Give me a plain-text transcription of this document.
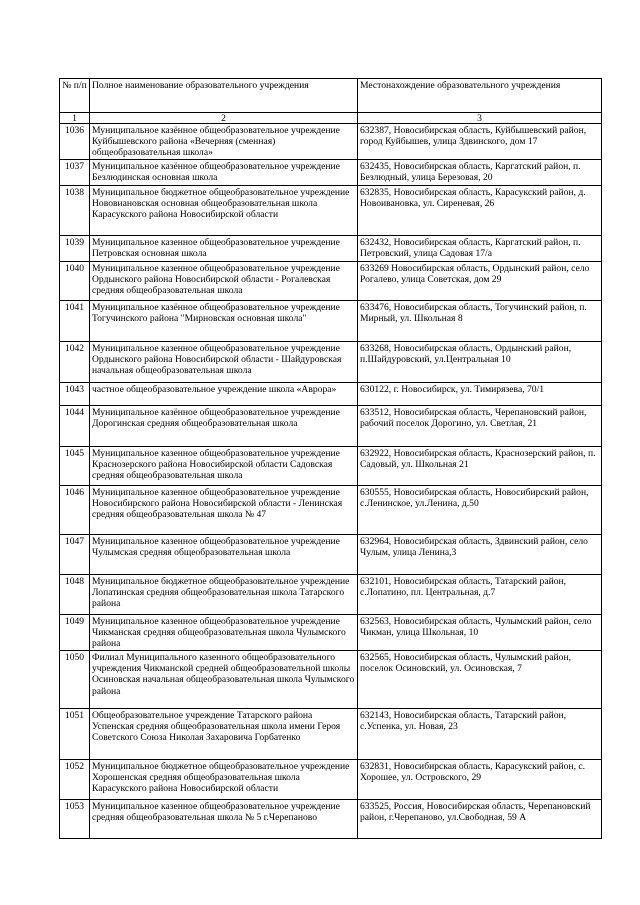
№ п/п	Полное наименование образовательного учреждения	Местонахождение образовательного учреждения
1	2	3
1036	Муниципальное казённое общеобразовательное учреждение Куйбышевского района «Вечерняя (сменная) общеобразовательная школа»	632387, Новосибирская область, Куйбышевский район, город Куйбышев, улица Здвинского, дом 17
1037	Муниципальное казённое общеобразовательное учреждение Безлюдинская основная школа	632435, Новосибирская область, Каргатский район, п. Безлюдный, улица Березовая, 20
1038	Муниципальное бюджетное общеобразовательное учреждение Нововиановская основная общеобразовательная школа Карасукского района Новосибирской области	632835, Новосибирская область, Карасукский район, д. Новоивановка, ул. Сиреневая, 26
1039	Муниципальное казенное общеобразовательное учреждение Петровская основная школа	632432, Новосибирская область, Каргатский район, п. Петровский, улица Садовая 17/а
1040	Муниципальное казенное общеобразовательное учреждение Ордынского района Новосибирской области - Рогалевская средняя общеобразовательная школа	633269 Новосибирская область, Ордынский район, село Рогалево, улица Советская, дом 29
1041	Муниципальное казённое общеобразовательное учреждение Тогучинского района "Мирновская основная школа"	633476, Новосибирская область, Тогучинский район, п. Мирный, ул. Школьная 8
1042	Муниципальное казенное общеобразовательное учреждение Ордынского района Новосибирской области - Шайдуровская начальная общеобразовательная школа	633268, Новосибирская область, Ордынский район, п.Шайдуровский, ул.Центральная 10
1043	частное общеобразовательное учреждение школа «Аврора»	630122, г. Новосибирск, ул. Тимирязева, 70/1
1044	Муниципальное казённое общеобразовательное учреждение Дорогинская средняя общеобразовательная школа	633512, Новосибирская область, Черепановский район, рабочий поселок Дорогино, ул. Светлая, 21
1045	Муниципальное казенное общеобразовательное учреждение Краснозерского района Новосибирской области Садовская средняя общеобразовательная школа	632922, Новосибирская область, Краснозерский район, п. Садовый, ул. Школьная 21
1046	Муниципальное казенное общеобразовательное учреждение Новосибирского района Новосибирской области - Ленинская средняя общеобразовательная школа № 47	630555, Новосибирская область, Новосибирский район, с.Ленинское, ул.Ленина, д.50
1047	Муниципальное казенное общеобразовательное учреждение Чулымская средняя общеобразовательная школа	632964, Новосибирская область, Здвинский район, село Чулым, улица Ленина,3
1048	Муниципальное бюджетное общеобразовательное учреждение Лопатинская средняя общеобразовательная школа Татарского района	632101, Новосибирская область, Татарский район, с.Лопатино, пл. Центральная, д.7
1049	Муниципальное казенное общеобразовательное учреждение Чикманская средняя общеобразовательная школа Чулымского района	632563, Новосибирская область, Чулымский район, село Чикман, улица Школьная, 10
1050	Филиал Муниципального казенного общеобразовательного учреждения Чикманской средней общеобразовательной школы Осиновская начальная общеобразовательная школа Чулымского района	632565, Новосибирская область, Чулымский район, поселок Осиновский, ул. Осиновская, 7
1051	Общеобразовательное учреждение Татарского района Успенская средняя общеобразовательная школа имени Героя Советского Союза Николая Захаровича Горбатенко	632143, Новосибирская область, Татарский район, с.Успенка, ул. Новая, 23
1052	Муниципальное бюджетное общеобразовательное учреждение Хорошенская средняя общеобразовательная школа Карасукского района Новосибирской области	632831, Новосибирская область, Карасукский район, с. Хорошее, ул. Островского, 29
1053	Муниципальное казенное общеобразовательное учреждение средняя общеобразовательная школа № 5 г.Черепаново	633525, Россия, Новосибирская область, Черепановский район, г.Черепаново, ул.Свободная, 59 А
